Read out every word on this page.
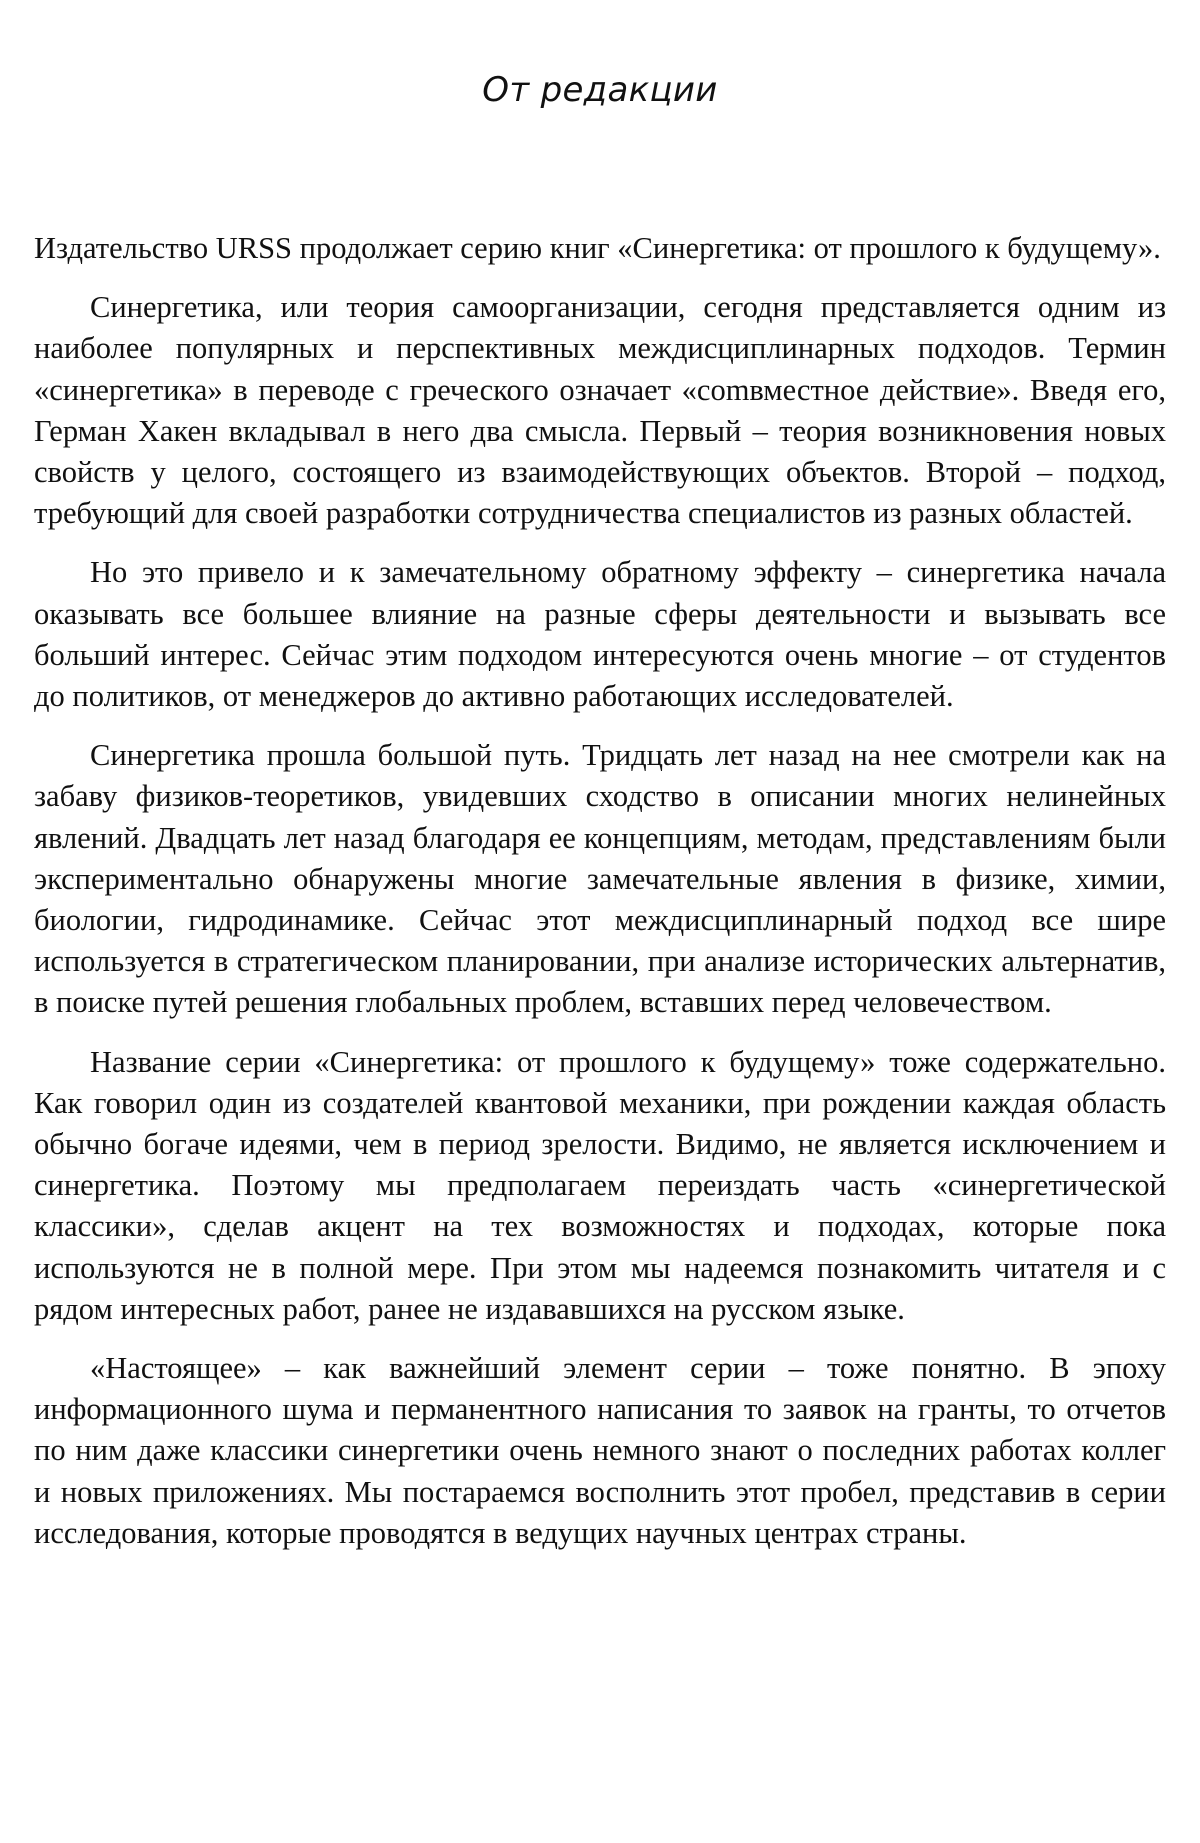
От редакции

Издательство URSS продолжает серию книг «Синергетика: от прошлого к будущему».

Синергетика, или теория самоорганизации, сегодня представляется одним из наиболее популярных и перспективных междисциплинарных подходов. Термин «синергетика» в переводе с греческого означает «соmвместное действие». Введя его, Герман Хакен вкладывал в него два смысла. Первый – теория возникновения новых свойств у целого, состоящего из взаимодействующих объектов. Второй – подход, требующий для своей разработки сотрудничества специалистов из разных областей.

Но это привело и к замечательному обратному эффекту – синергетика начала оказывать все большее влияние на разные сферы деятельности и вызывать все больший интерес. Сейчас этим подходом интересуются очень многие – от студентов до политиков, от менеджеров до активно работающих исследователей.

Синергетика прошла большой путь. Тридцать лет назад на нее смотрели как на забаву физиков-теоретиков, увидевших сходство в описании многих нелинейных явлений. Двадцать лет назад благодаря ее концепциям, методам, представлениям были экспериментально обнаружены многие замечательные явления в физике, химии, биологии, гидродинамике. Сейчас этот междисциплинарный подход все шире используется в стратегическом планировании, при анализе исторических альтернатив, в поиске путей решения глобальных проблем, вставших перед человечеством.

Название серии «Синергетика: от прошлого к будущему» тоже содержательно. Как говорил один из создателей квантовой механики, при рождении каждая область обычно богаче идеями, чем в период зрелости. Видимо, не является исключением и синергетика. Поэтому мы предполагаем переиздать часть «синергетической классики», сделав акцент на тех возможностях и подходах, которые пока используются не в полной мере. При этом мы надеемся познакомить читателя и с рядом интересных работ, ранее не издававшихся на русском языке.

«Настоящее» – как важнейший элемент серии – тоже понятно. В эпоху информационного шума и перманентного написания то заявок на гранты, то отчетов по ним даже классики синергетики очень немного знают о последних работах коллег и новых приложениях. Мы постараемся восполнить этот пробел, представив в серии исследования, которые проводятся в ведущих научных центрах страны.
